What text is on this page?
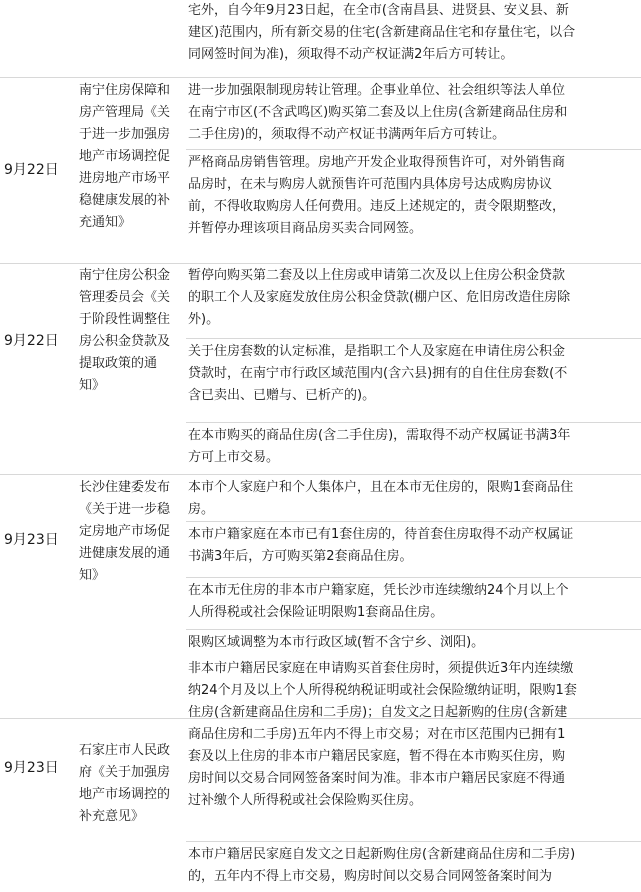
宅外，自今年9月23日起，在全市(含南昌县、进贤县、安义县、新
建区)范围内，所有新交易的住宅(含新建商品住宅和存量住宅，以合
同网签时间为准)，须取得不动产权证满2年后方可转让。
9月22日
南宁住房保障和
房产管理局《关
于进一步加强房
地产市场调控促
进房地产市场平
稳健康发展的补
充通知》
进一步加强限制现房转让管理。企事业单位、社会组织等法人单位
在南宁市区(不含武鸣区)购买第二套及以上住房(含新建商品住房和
二手住房)的，须取得不动产权证书满两年后方可转让。
严格商品房销售管理。房地产开发企业取得预售许可，对外销售商
品房时，在未与购房人就预售许可范围内具体房号达成购房协议
前，不得收取购房人任何费用。违反上述规定的，责令限期整改，
并暂停办理该项目商品房买卖合同网签。
9月22日
南宁住房公积金
管理委员会《关
于阶段性调整住
房公积金贷款及
提取政策的通
知》
暂停向购买第二套及以上住房或申请第二次及以上住房公积金贷款
的职工个人及家庭发放住房公积金贷款(棚户区、危旧房改造住房除
外)。
关于住房套数的认定标准，是指职工个人及家庭在申请住房公积金
贷款时，在南宁市行政区域范围内(含六县)拥有的自住住房套数(不
含已卖出、已赠与、已析产的)。
在本市购买的商品住房(含二手住房)，需取得不动产权属证书满3年
方可上市交易。
9月23日
长沙住建委发布
《关于进一步稳
定房地产市场促
进健康发展的通
知》
本市个人家庭户和个人集体户，且在本市无住房的，限购1套商品住
房。
本市户籍家庭在本市已有1套住房的，待首套住房取得不动产权属证
书满3年后，方可购买第2套商品住房。
在本市无住房的非本市户籍家庭，凭长沙市连续缴纳24个月以上个
人所得税或社会保险证明限购1套商品住房。
限购区域调整为本市行政区域(暂不含宁乡、浏阳)。
9月23日
石家庄市人民政
府《关于加强房
地产市场调控的
补充意见》
非本市户籍居民家庭在申请购买首套住房时，须提供近3年内连续缴
纳24个月及以上个人所得税纳税证明或社会保险缴纳证明，限购1套
住房(含新建商品住房和二手房)；自发文之日起新购的住房(含新建
商品住房和二手房)五年内不得上市交易；对在市区范围内已拥有1
套及以上住房的非本市户籍居民家庭，暂不得在本市购买住房，购
房时间以交易合同网签备案时间为准。非本市户籍居民家庭不得通
过补缴个人所得税或社会保险购买住房。
本市户籍居民家庭自发文之日起新购住房(含新建商品住房和二手房)
的，五年内不得上市交易，购房时间以交易合同网签备案时间为
